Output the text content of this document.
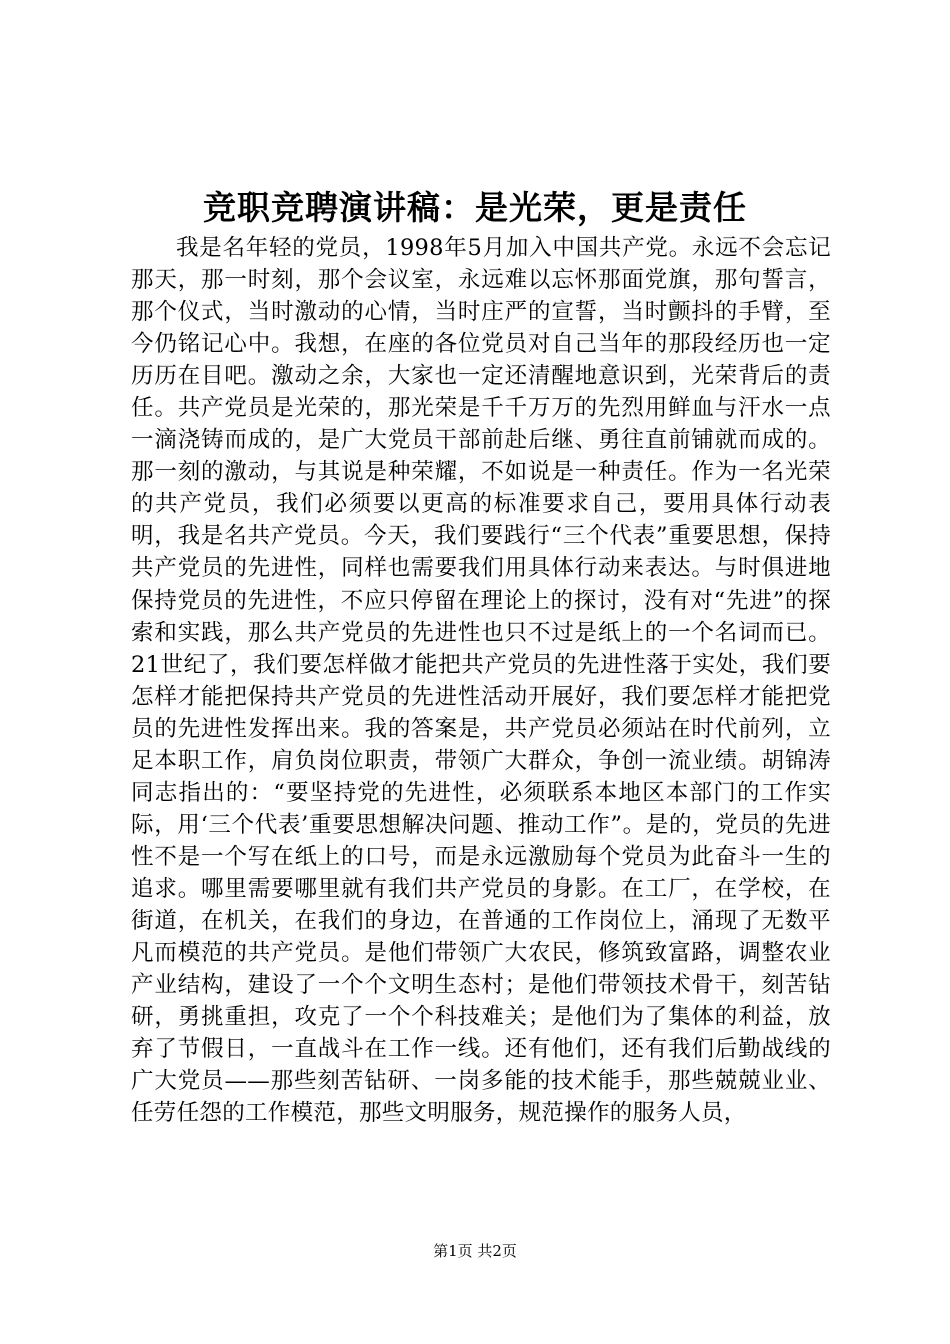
竞职竞聘演讲稿：是光荣，更是责任

我是名年轻的党员，1998年5月加入中国共产党。永远不会忘记那天，那一时刻，那个会议室，永远难以忘怀那面党旗，那句誓言，那个仪式，当时激动的心情，当时庄严的宣誓，当时颤抖的手臂，至今仍铭记心中。我想，在座的各位党员对自己当年的那段经历也一定历历在目吧。激动之余，大家也一定还清醒地意识到，光荣背后的责任。共产党员是光荣的，那光荣是千千万万的先烈用鲜血与汗水一点一滴浇铸而成的，是广大党员干部前赴后继、勇往直前铺就而成的。那一刻的激动，与其说是种荣耀，不如说是一种责任。作为一名光荣的共产党员，我们必须要以更高的标准要求自己，要用具体行动表明，我是名共产党员。今天，我们要践行“三个代表”重要思想，保持共产党员的先进性，同样也需要我们用具体行动来表达。与时俱进地保持党员的先进性，不应只停留在理论上的探讨，没有对“先进”的探索和实践，那么共产党员的先进性也只不过是纸上的一个名词而已。21世纪了，我们要怎样做才能把共产党员的先进性落于实处，我们要怎样才能把保持共产党员的先进性活动开展好，我们要怎样才能把党员的先进性发挥出来。我的答案是，共产党员必须站在时代前列，立足本职工作，肩负岗位职责，带领广大群众，争创一流业绩。胡锦涛同志指出的：“要坚持党的先进性，必须联系本地区本部门的工作实际，用‘三个代表’重要思想解决问题、推动工作”。是的，党员的先进性不是一个写在纸上的口号，而是永远激励每个党员为此奋斗一生的追求。哪里需要哪里就有我们共产党员的身影。在工厂，在学校，在街道，在机关，在我们的身边，在普通的工作岗位上，涌现了无数平凡而模范的共产党员。是他们带领广大农民，修筑致富路，调整农业产业结构，建设了一个个文明生态村；是他们带领技术骨干，刻苦钻研，勇挑重担，攻克了一个个科技难关；是他们为了集体的利益，放弃了节假日，一直战斗在工作一线。还有他们，还有我们后勤战线的广大党员——那些刻苦钻研、一岗多能的技术能手，那些兢兢业业、任劳任怨的工作模范，那些文明服务，规范操作的服务人员，

第1页 共2页
